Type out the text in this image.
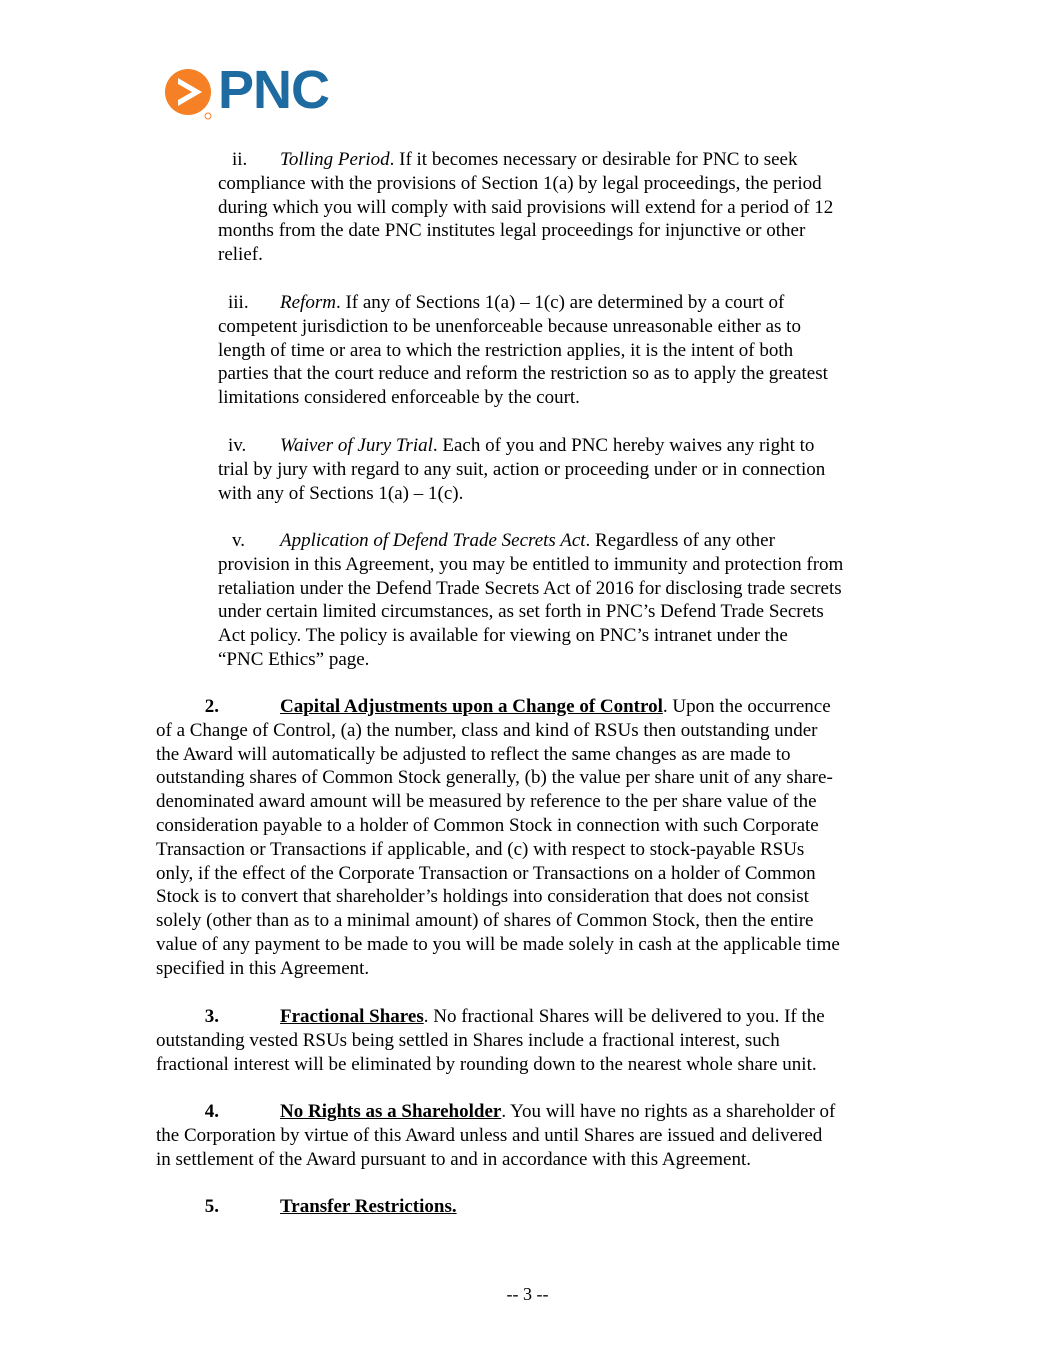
PNC
ii. Tolling Period. If it becomes necessary or desirable for PNC to seek
compliance with the provisions of Section 1(a) by legal proceedings, the period
during which you will comply with said provisions will extend for a period of 12
months from the date PNC institutes legal proceedings for injunctive or other
relief.
iii. Reform. If any of Sections 1(a) – 1(c) are determined by a court of
competent jurisdiction to be unenforceable because unreasonable either as to
length of time or area to which the restriction applies, it is the intent of both
parties that the court reduce and reform the restriction so as to apply the greatest
limitations considered enforceable by the court.
iv. Waiver of Jury Trial. Each of you and PNC hereby waives any right to
trial by jury with regard to any suit, action or proceeding under or in connection
with any of Sections 1(a) – 1(c).
v. Application of Defend Trade Secrets Act. Regardless of any other
provision in this Agreement, you may be entitled to immunity and protection from
retaliation under the Defend Trade Secrets Act of 2016 for disclosing trade secrets
under certain limited circumstances, as set forth in PNC’s Defend Trade Secrets
Act policy. The policy is available for viewing on PNC’s intranet under the
“PNC Ethics” page.
2.	Capital Adjustments upon a Change of Control. Upon the occurrence
of a Change of Control, (a) the number, class and kind of RSUs then outstanding under
the Award will automatically be adjusted to reflect the same changes as are made to
outstanding shares of Common Stock generally, (b) the value per share unit of any share-
denominated award amount will be measured by reference to the per share value of the
consideration payable to a holder of Common Stock in connection with such Corporate
Transaction or Transactions if applicable, and (c) with respect to stock-payable RSUs
only, if the effect of the Corporate Transaction or Transactions on a holder of Common
Stock is to convert that shareholder’s holdings into consideration that does not consist
solely (other than as to a minimal amount) of shares of Common Stock, then the entire
value of any payment to be made to you will be made solely in cash at the applicable time
specified in this Agreement.
3.	Fractional Shares. No fractional Shares will be delivered to you. If the
outstanding vested RSUs being settled in Shares include a fractional interest, such
fractional interest will be eliminated by rounding down to the nearest whole share unit.
4.	No Rights as a Shareholder. You will have no rights as a shareholder of
the Corporation by virtue of this Award unless and until Shares are issued and delivered
in settlement of the Award pursuant to and in accordance with this Agreement.
5.	Transfer Restrictions.
-- 3 --
